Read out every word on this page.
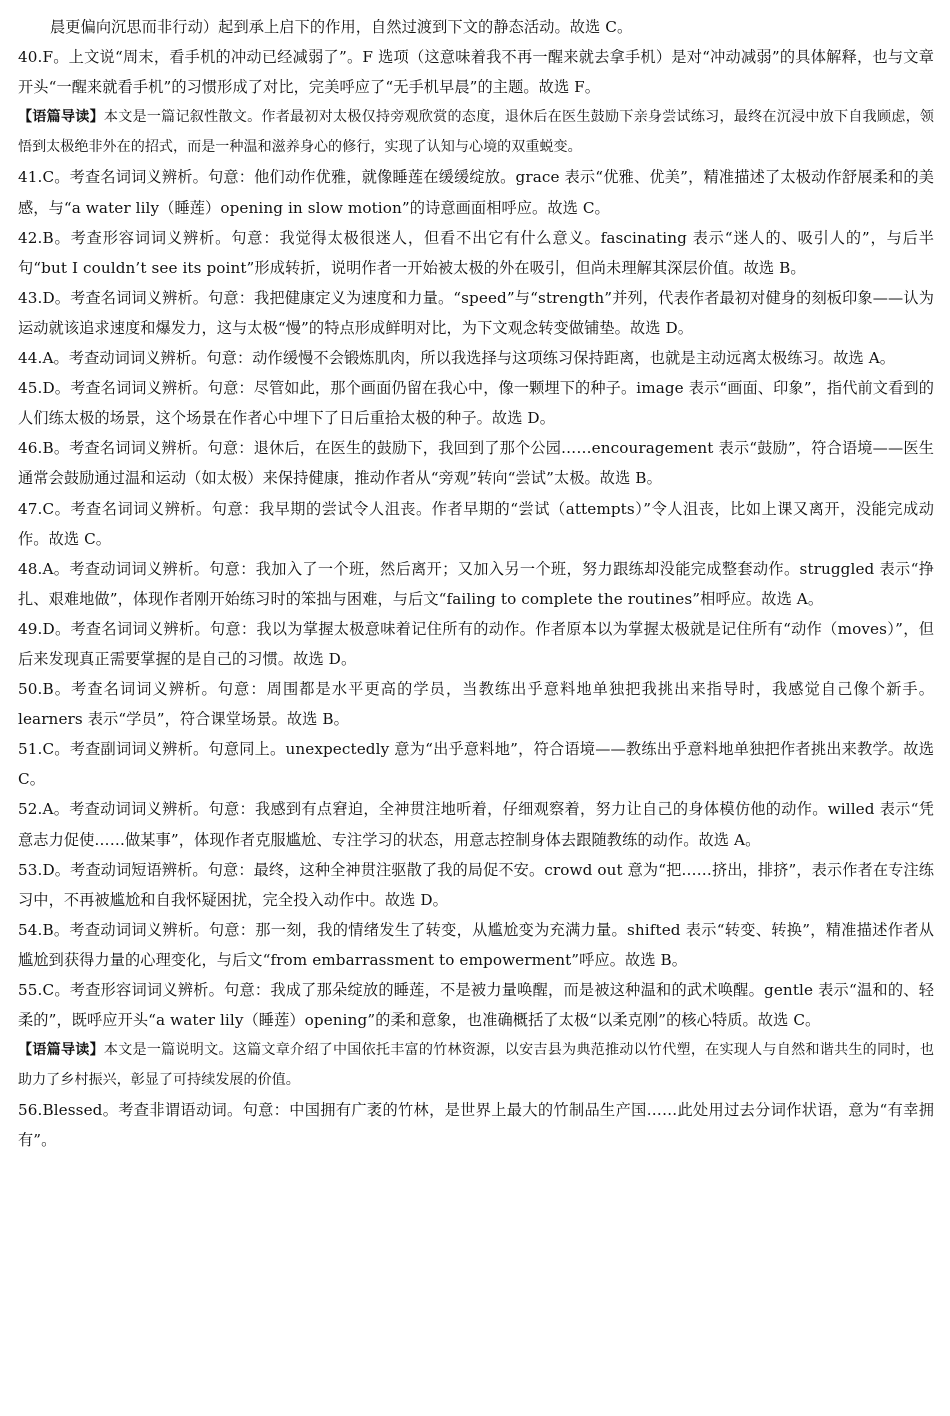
晨更偏向沉思而非行动）起到承上启下的作用，自然过渡到下文的静态活动。故选 C。

40.F。上文说“周末，看手机的冲动已经减弱了”。F 选项（这意味着我不再一醒来就去拿手机）是对“冲动减弱”的具体解释，也与文章开头“一醒来就看手机”的习惯形成了对比，完美呼应了“无手机早晨”的主题。故选 F。

【语篇导读】本文是一篇记叙性散文。作者最初对太极仅持旁观欣赏的态度，退休后在医生鼓励下亲身尝试练习，最终在沉浸中放下自我顾虑，领悟到太极绝非外在的招式，而是一种温和滋养身心的修行，实现了认知与心境的双重蜕变。

41.C。考查名词词义辨析。句意：他们动作优雅，就像睡莲在缓缓绽放。grace 表示“优雅、优美”，精准描述了太极动作舒展柔和的美感，与“a water lily（睡莲）opening in slow motion”的诗意画面相呼应。故选 C。

42.B。考查形容词词义辨析。句意：我觉得太极很迷人，但看不出它有什么意义。fascinating 表示“迷人的、吸引人的”，与后半句“but I couldn’t see its point”形成转折，说明作者一开始被太极的外在吸引，但尚未理解其深层价值。故选 B。

43.D。考查名词词义辨析。句意：我把健康定义为速度和力量。“speed”与“strength”并列，代表作者最初对健身的刻板印象——认为运动就该追求速度和爆发力，这与太极“慢”的特点形成鲜明对比，为下文观念转变做铺垫。故选 D。

44.A。考查动词词义辨析。句意：动作缓慢不会锻炼肌肉，所以我选择与这项练习保持距离，也就是主动远离太极练习。故选 A。

45.D。考查名词词义辨析。句意：尽管如此，那个画面仍留在我心中，像一颗埋下的种子。image 表示“画面、印象”，指代前文看到的人们练太极的场景，这个场景在作者心中埋下了日后重拾太极的种子。故选 D。

46.B。考查名词词义辨析。句意：退休后，在医生的鼓励下，我回到了那个公园……encouragement 表示“鼓励”，符合语境——医生通常会鼓励通过温和运动（如太极）来保持健康，推动作者从“旁观”转向“尝试”太极。故选 B。

47.C。考查名词词义辨析。句意：我早期的尝试令人沮丧。作者早期的“尝试（attempts）”令人沮丧，比如上课又离开，没能完成动作。故选 C。

48.A。考查动词词义辨析。句意：我加入了一个班，然后离开；又加入另一个班，努力跟练却没能完成整套动作。struggled 表示“挣扎、艰难地做”，体现作者刚开始练习时的笨拙与困难，与后文“failing to complete the routines”相呼应。故选 A。

49.D。考查名词词义辨析。句意：我以为掌握太极意味着记住所有的动作。作者原本以为掌握太极就是记住所有“动作（moves）”，但后来发现真正需要掌握的是自己的习惯。故选 D。

50.B。考查名词词义辨析。句意：周围都是水平更高的学员，当教练出乎意料地单独把我挑出来指导时，我感觉自己像个新手。learners 表示“学员”，符合课堂场景。故选 B。

51.C。考查副词词义辨析。句意同上。unexpectedly 意为“出乎意料地”，符合语境——教练出乎意料地单独把作者挑出来教学。故选 C。

52.A。考查动词词义辨析。句意：我感到有点窘迫，全神贯注地听着，仔细观察着，努力让自己的身体模仿他的动作。willed 表示“凭意志力促使……做某事”，体现作者克服尴尬、专注学习的状态，用意志控制身体去跟随教练的动作。故选 A。

53.D。考查动词短语辨析。句意：最终，这种全神贯注驱散了我的局促不安。crowd out 意为“把……挤出，排挤”，表示作者在专注练习中，不再被尴尬和自我怀疑困扰，完全投入动作中。故选 D。

54.B。考查动词词义辨析。句意：那一刻，我的情绪发生了转变，从尴尬变为充满力量。shifted 表示“转变、转换”，精准描述作者从尴尬到获得力量的心理变化，与后文“from embarrassment to empowerment”呼应。故选 B。

55.C。考查形容词词义辨析。句意：我成了那朵绽放的睡莲，不是被力量唤醒，而是被这种温和的武术唤醒。gentle 表示“温和的、轻柔的”，既呼应开头“a water lily（睡莲）opening”的柔和意象，也准确概括了太极“以柔克刚”的核心特质。故选 C。

【语篇导读】本文是一篇说明文。这篇文章介绍了中国依托丰富的竹林资源，以安吉县为典范推动以竹代塑，在实现人与自然和谐共生的同时，也助力了乡村振兴，彰显了可持续发展的价值。

56.Blessed。考查非谓语动词。句意：中国拥有广袤的竹林，是世界上最大的竹制品生产国……此处用过去分词作状语，意为“有幸拥有”。
